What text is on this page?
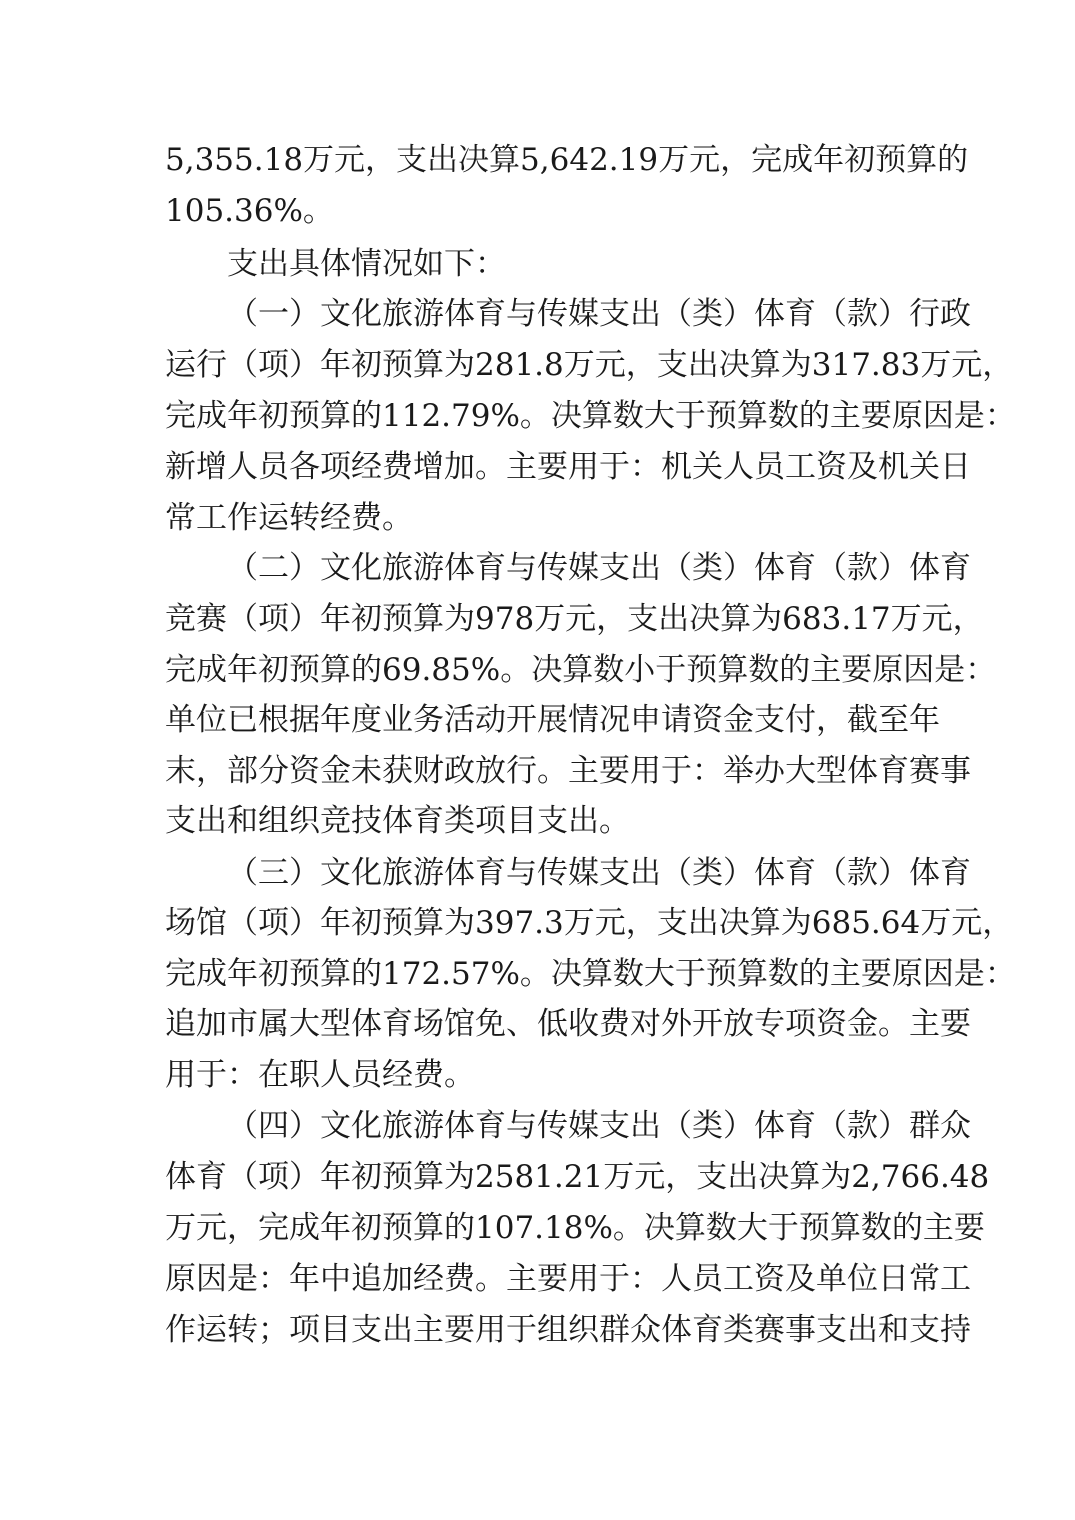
5,355.18万元，支出决算5,642.19万元，完成年初预算的
105.36%。
支出具体情况如下：
（一）文化旅游体育与传媒支出（类）体育（款）行政
运行（项）年初预算为281.8万元，支出决算为317.83万元，
完成年初预算的112.79%。决算数大于预算数的主要原因是：
新增人员各项经费增加。主要用于：机关人员工资及机关日
常工作运转经费。
（二）文化旅游体育与传媒支出（类）体育（款）体育
竞赛（项）年初预算为978万元，支出决算为683.17万元，
完成年初预算的69.85%。决算数小于预算数的主要原因是：
单位已根据年度业务活动开展情况申请资金支付，截至年
末，部分资金未获财政放行。主要用于：举办大型体育赛事
支出和组织竞技体育类项目支出。
（三）文化旅游体育与传媒支出（类）体育（款）体育
场馆（项）年初预算为397.3万元，支出决算为685.64万元，
完成年初预算的172.57%。决算数大于预算数的主要原因是：
追加市属大型体育场馆免、低收费对外开放专项资金。主要
用于：在职人员经费。
（四）文化旅游体育与传媒支出（类）体育（款）群众
体育（项）年初预算为2581.21万元，支出决算为2,766.48
万元，完成年初预算的107.18%。决算数大于预算数的主要
原因是：年中追加经费。主要用于：人员工资及单位日常工
作运转；项目支出主要用于组织群众体育类赛事支出和支持
